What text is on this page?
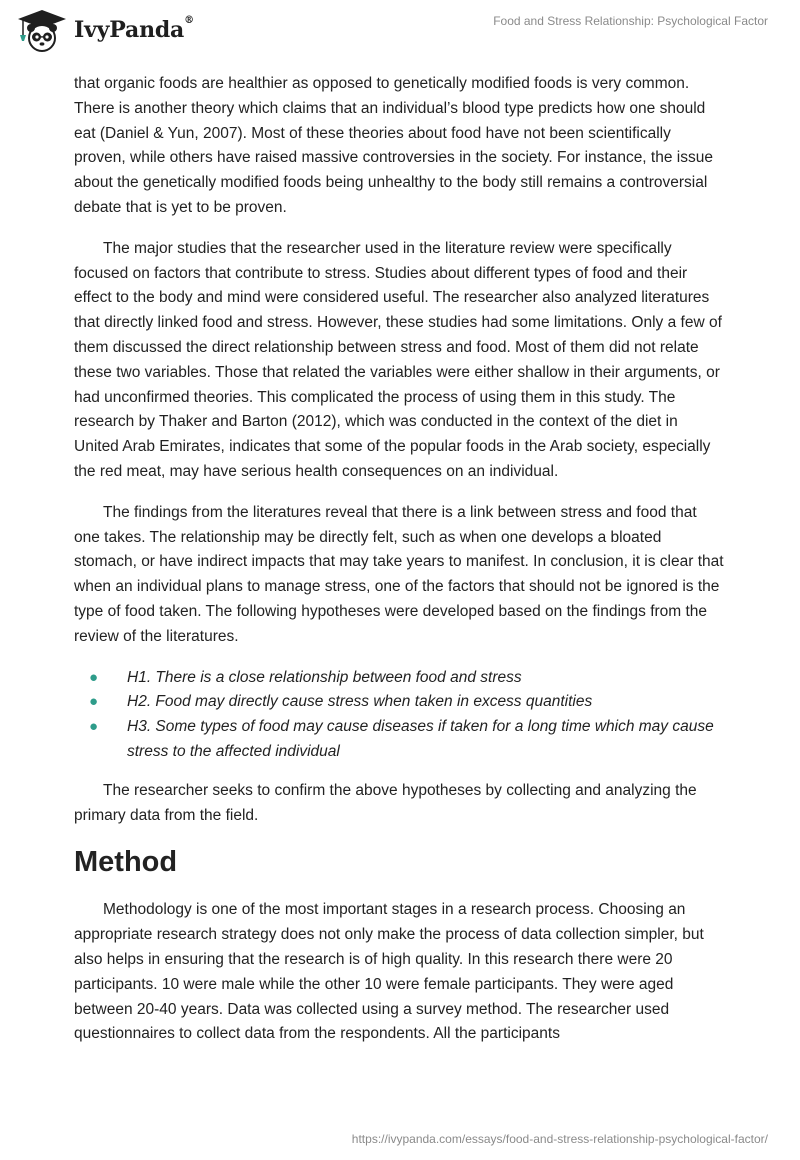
IvyPanda®	Food and Stress Relationship: Psychological Factor

that organic foods are healthier as opposed to genetically modified foods is very common. There is another theory which claims that an individual’s blood type predicts how one should eat (Daniel & Yun, 2007). Most of these theories about food have not been scientifically proven, while others have raised massive controversies in the society. For instance, the issue about the genetically modified foods being unhealthy to the body still remains a controversial debate that is yet to be proven.

The major studies that the researcher used in the literature review were specifically focused on factors that contribute to stress. Studies about different types of food and their effect to the body and mind were considered useful. The researcher also analyzed literatures that directly linked food and stress. However, these studies had some limitations. Only a few of them discussed the direct relationship between stress and food. Most of them did not relate these two variables. Those that related the variables were either shallow in their arguments, or had unconfirmed theories. This complicated the process of using them in this study. The research by Thaker and Barton (2012), which was conducted in the context of the diet in United Arab Emirates, indicates that some of the popular foods in the Arab society, especially the red meat, may have serious health consequences on an individual.

The findings from the literatures reveal that there is a link between stress and food that one takes. The relationship may be directly felt, such as when one develops a bloated stomach, or have indirect impacts that may take years to manifest. In conclusion, it is clear that when an individual plans to manage stress, one of the factors that should not be ignored is the type of food taken. The following hypotheses were developed based on the findings from the review of the literatures.

● H1. There is a close relationship between food and stress
● H2. Food may directly cause stress when taken in excess quantities
● H3. Some types of food may cause diseases if taken for a long time which may cause stress to the affected individual

The researcher seeks to confirm the above hypotheses by collecting and analyzing the primary data from the field.

Method

Methodology is one of the most important stages in a research process. Choosing an appropriate research strategy does not only make the process of data collection simpler, but also helps in ensuring that the research is of high quality. In this research there were 20 participants. 10 were male while the other 10 were female participants. They were aged between 20-40 years. Data was collected using a survey method. The researcher used questionnaires to collect data from the respondents. All the participants

https://ivypanda.com/essays/food-and-stress-relationship-psychological-factor/
